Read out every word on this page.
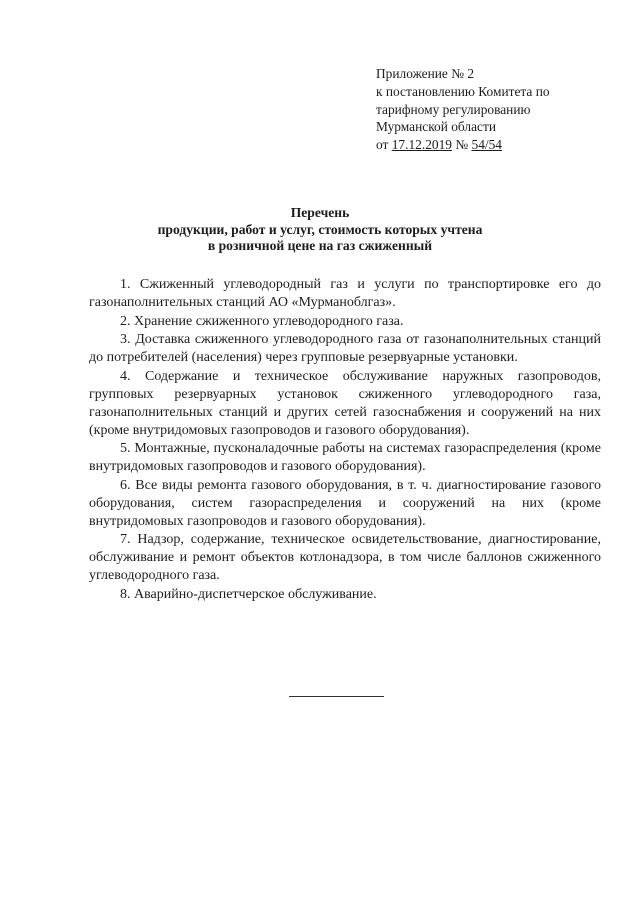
Приложение № 2
к постановлению Комитета по
тарифному регулированию
Мурманской области
от 17.12.2019 № 54/54
Перечень
продукции, работ и услуг, стоимость которых учтена
в розничной цене на газ сжиженный

1. Сжиженный углеводородный газ и услуги по транспортировке его до газонаполнительных станций АО «Мурманоблгаз».

2. Хранение сжиженного углеводородного газа.

3. Доставка сжиженного углеводородного газа от газонаполнительных станций до потребителей (населения) через групповые резервуарные установки.

4. Содержание и техническое обслуживание наружных газопроводов, групповых резервуарных установок сжиженного углеводородного газа, газонаполнительных станций и других сетей газоснабжения и сооружений на них (кроме внутридомовых газопроводов и газового оборудования).

5. Монтажные, пусконаладочные работы на системах газораспределения (кроме внутридомовых газопроводов и газового оборудования).

6. Все виды ремонта газового оборудования, в т. ч. диагностирование газового оборудования, систем газораспределения и сооружений на них (кроме внутридомовых газопроводов и газового оборудования).

7. Надзор, содержание, техническое освидетельствование, диагностирование, обслуживание и ремонт объектов котлонадзора, в том числе баллонов сжиженного углеводородного газа.

8. Аварийно-диспетчерское обслуживание.
